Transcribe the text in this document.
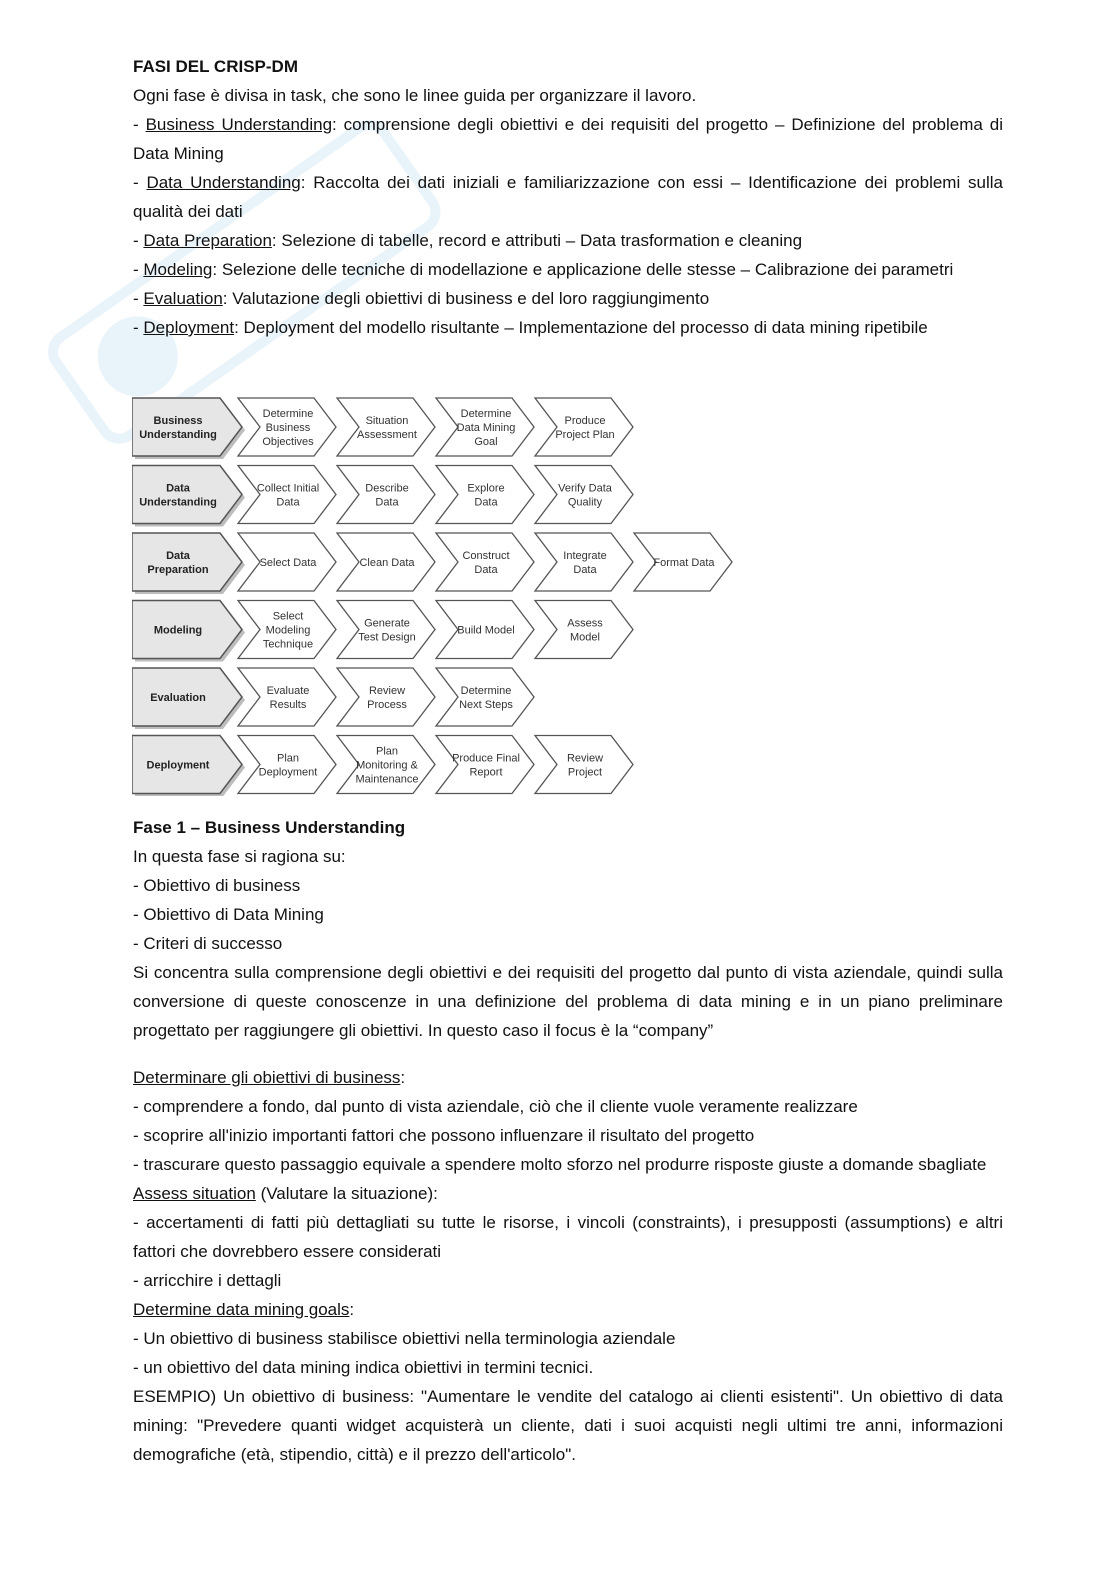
FASI DEL CRISP-DM

Ogni fase è divisa in task, che sono le linee guida per organizzare il lavoro.

- Business Understanding: comprensione degli obiettivi e dei requisiti del progetto – Definizione del problema di Data Mining

- Data Understanding: Raccolta dei dati iniziali e familiarizzazione con essi – Identificazione dei problemi sulla qualità dei dati

- Data Preparation: Selezione di tabelle, record e attributi – Data trasformation e cleaning

- Modeling: Selezione delle tecniche di modellazione e applicazione delle stesse – Calibrazione dei parametri

- Evaluation: Valutazione degli obiettivi di business e del loro raggiungimento

- Deployment: Deployment del modello risultante – Implementazione del processo di data mining ripetibile

Business Understanding
Determine Business Objectives
Situation Assessment
Determine Data Mining Goal
Produce Project Plan
Data Understanding
Collect Initial Data
Describe Data
Explore Data
Verify Data Quality
Data Preparation
Select Data	Clean Data
Construct Data
Integrate Data
Format Data
Modeling
Select Modeling Technique
Generate Test Design
Build Model
Assess Model
Evaluation
Evaluate Results
Review Process
Determine Next Steps
Deployment
Plan Deployment
Plan Monitoring & Maintenance
Produce Final Report
Review Project

Fase 1 – Business Understanding

In questa fase si ragiona su:

- Obiettivo di business

- Obiettivo di Data Mining

- Criteri di successo

Si concentra sulla comprensione degli obiettivi e dei requisiti del progetto dal punto di vista aziendale, quindi sulla conversione di queste conoscenze in una definizione del problema di data mining e in un piano preliminare progettato per raggiungere gli obiettivi. In questo caso il focus è la “company”

Determinare gli obiettivi di business:

- comprendere a fondo, dal punto di vista aziendale, ciò che il cliente vuole veramente realizzare

- scoprire all'inizio importanti fattori che possono influenzare il risultato del progetto

- trascurare questo passaggio equivale a spendere molto sforzo nel produrre risposte giuste a domande sbagliate

Assess situation (Valutare la situazione):

- accertamenti di fatti più dettagliati su tutte le risorse, i vincoli (constraints), i presupposti (assumptions) e altri fattori che dovrebbero essere considerati

- arricchire i dettagli

Determine data mining goals:

- Un obiettivo di business stabilisce obiettivi nella terminologia aziendale

- un obiettivo del data mining indica obiettivi in termini tecnici.

ESEMPIO) Un obiettivo di business: "Aumentare le vendite del catalogo ai clienti esistenti". Un obiettivo di data mining: "Prevedere quanti widget acquisterà un cliente, dati i suoi acquisti negli ultimi tre anni, informazioni demografiche (età, stipendio, città) e il prezzo dell'articolo".
